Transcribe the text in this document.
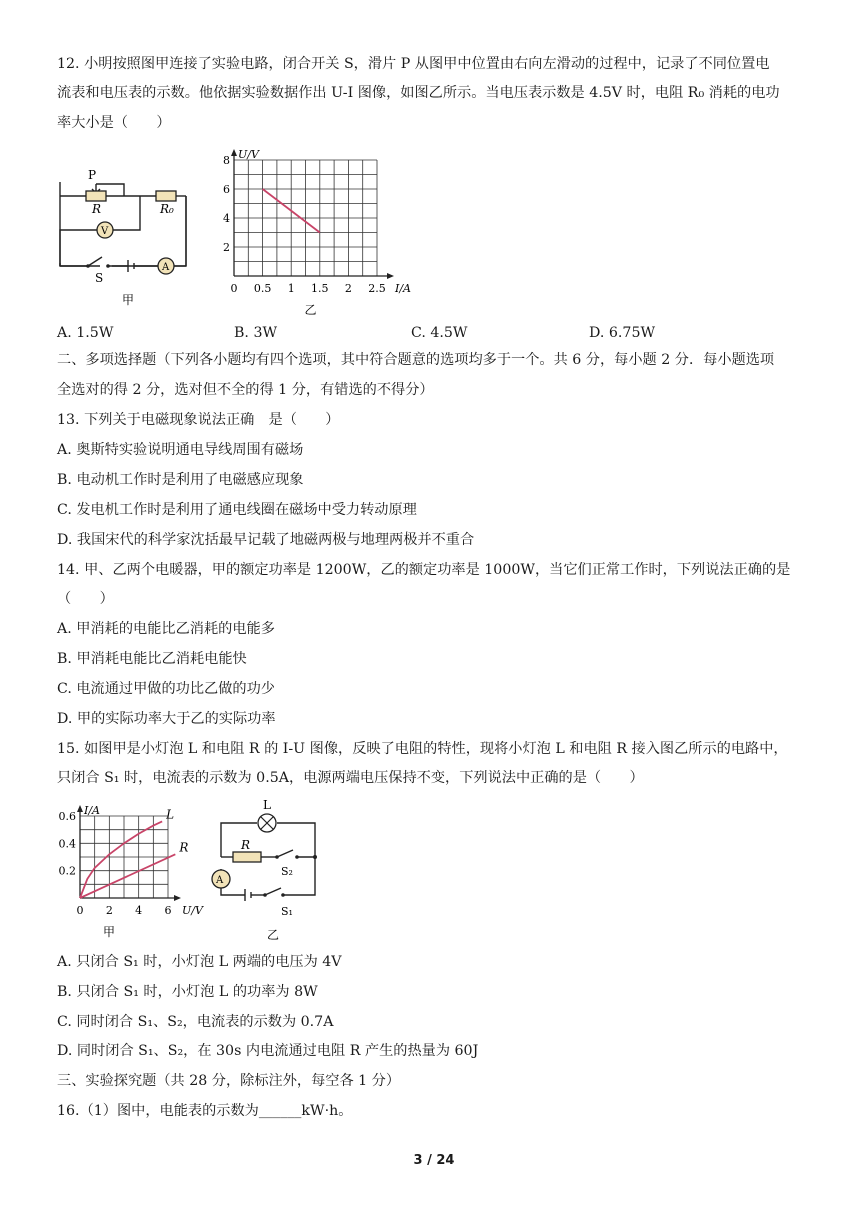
12. 小明按照图甲连接了实验电路，闭合开关 S，滑片 P 从图甲中位置由右向左滑动的过程中，记录了不同位置电
流表和电压表的示数。他依据实验数据作出 U-I 图像，如图乙所示。当电压表示数是 4.5V 时，电阻 R₀ 消耗的电功
率大小是（　　）
P
R	R₀
V
A
S
甲
0 0.5 1 1.5 2 2.5
2
4
6
8
I/A
U/V
乙
A. 1.5W	B. 3W	C. 4.5W	D. 6.75W
二、多项选择题（下列各小题均有四个选项，其中符合题意的选项均多于一个。共 6 分，每小题 2 分．每小题选项
全选对的得 2 分，选对但不全的得 1 分，有错选的不得分）
13. 下列关于电磁现象说法正确　是（　　）
A. 奥斯特实验说明通电导线周围有磁场
B. 电动机工作时是利用了电磁感应现象
C. 发电机工作时是利用了通电线圈在磁场中受力转动原理
D. 我国宋代的科学家沈括最早记载了地磁两极与地理两极并不重合
14. 甲、乙两个电暖器，甲的额定功率是 1200W，乙的额定功率是 1000W，当它们正常工作时，下列说法正确的是
（　　）
A. 甲消耗的电能比乙消耗的电能多
B. 甲消耗电能比乙消耗电能快
C. 电流通过甲做的功比乙做的功少
D. 甲的实际功率大于乙的实际功率
15. 如图甲是小灯泡 L 和电阻 R 的 I-U 图像，反映了电阻的特性，现将小灯泡 L 和电阻 R 接入图乙所示的电路中，
只闭合 S₁ 时，电流表的示数为 0.5A，电源两端电压保持不变，下列说法中正确的是（　　）
0 2 4 6
0.2
0.4
0.6
U/V
I/A	L
R
甲
L
R
A
S₂
S₁
乙
A. 只闭合 S₁ 时，小灯泡 L 两端的电压为 4V
B. 只闭合 S₁ 时，小灯泡 L 的功率为 8W
C. 同时闭合 S₁、S₂，电流表的示数为 0.7A
D. 同时闭合 S₁、S₂，在 30s 内电流通过电阻 R 产生的热量为 60J
三、实验探究题（共 28 分，除标注外，每空各 1 分）
16.（1）图中，电能表的示数为______kW·h。
3 / 24
